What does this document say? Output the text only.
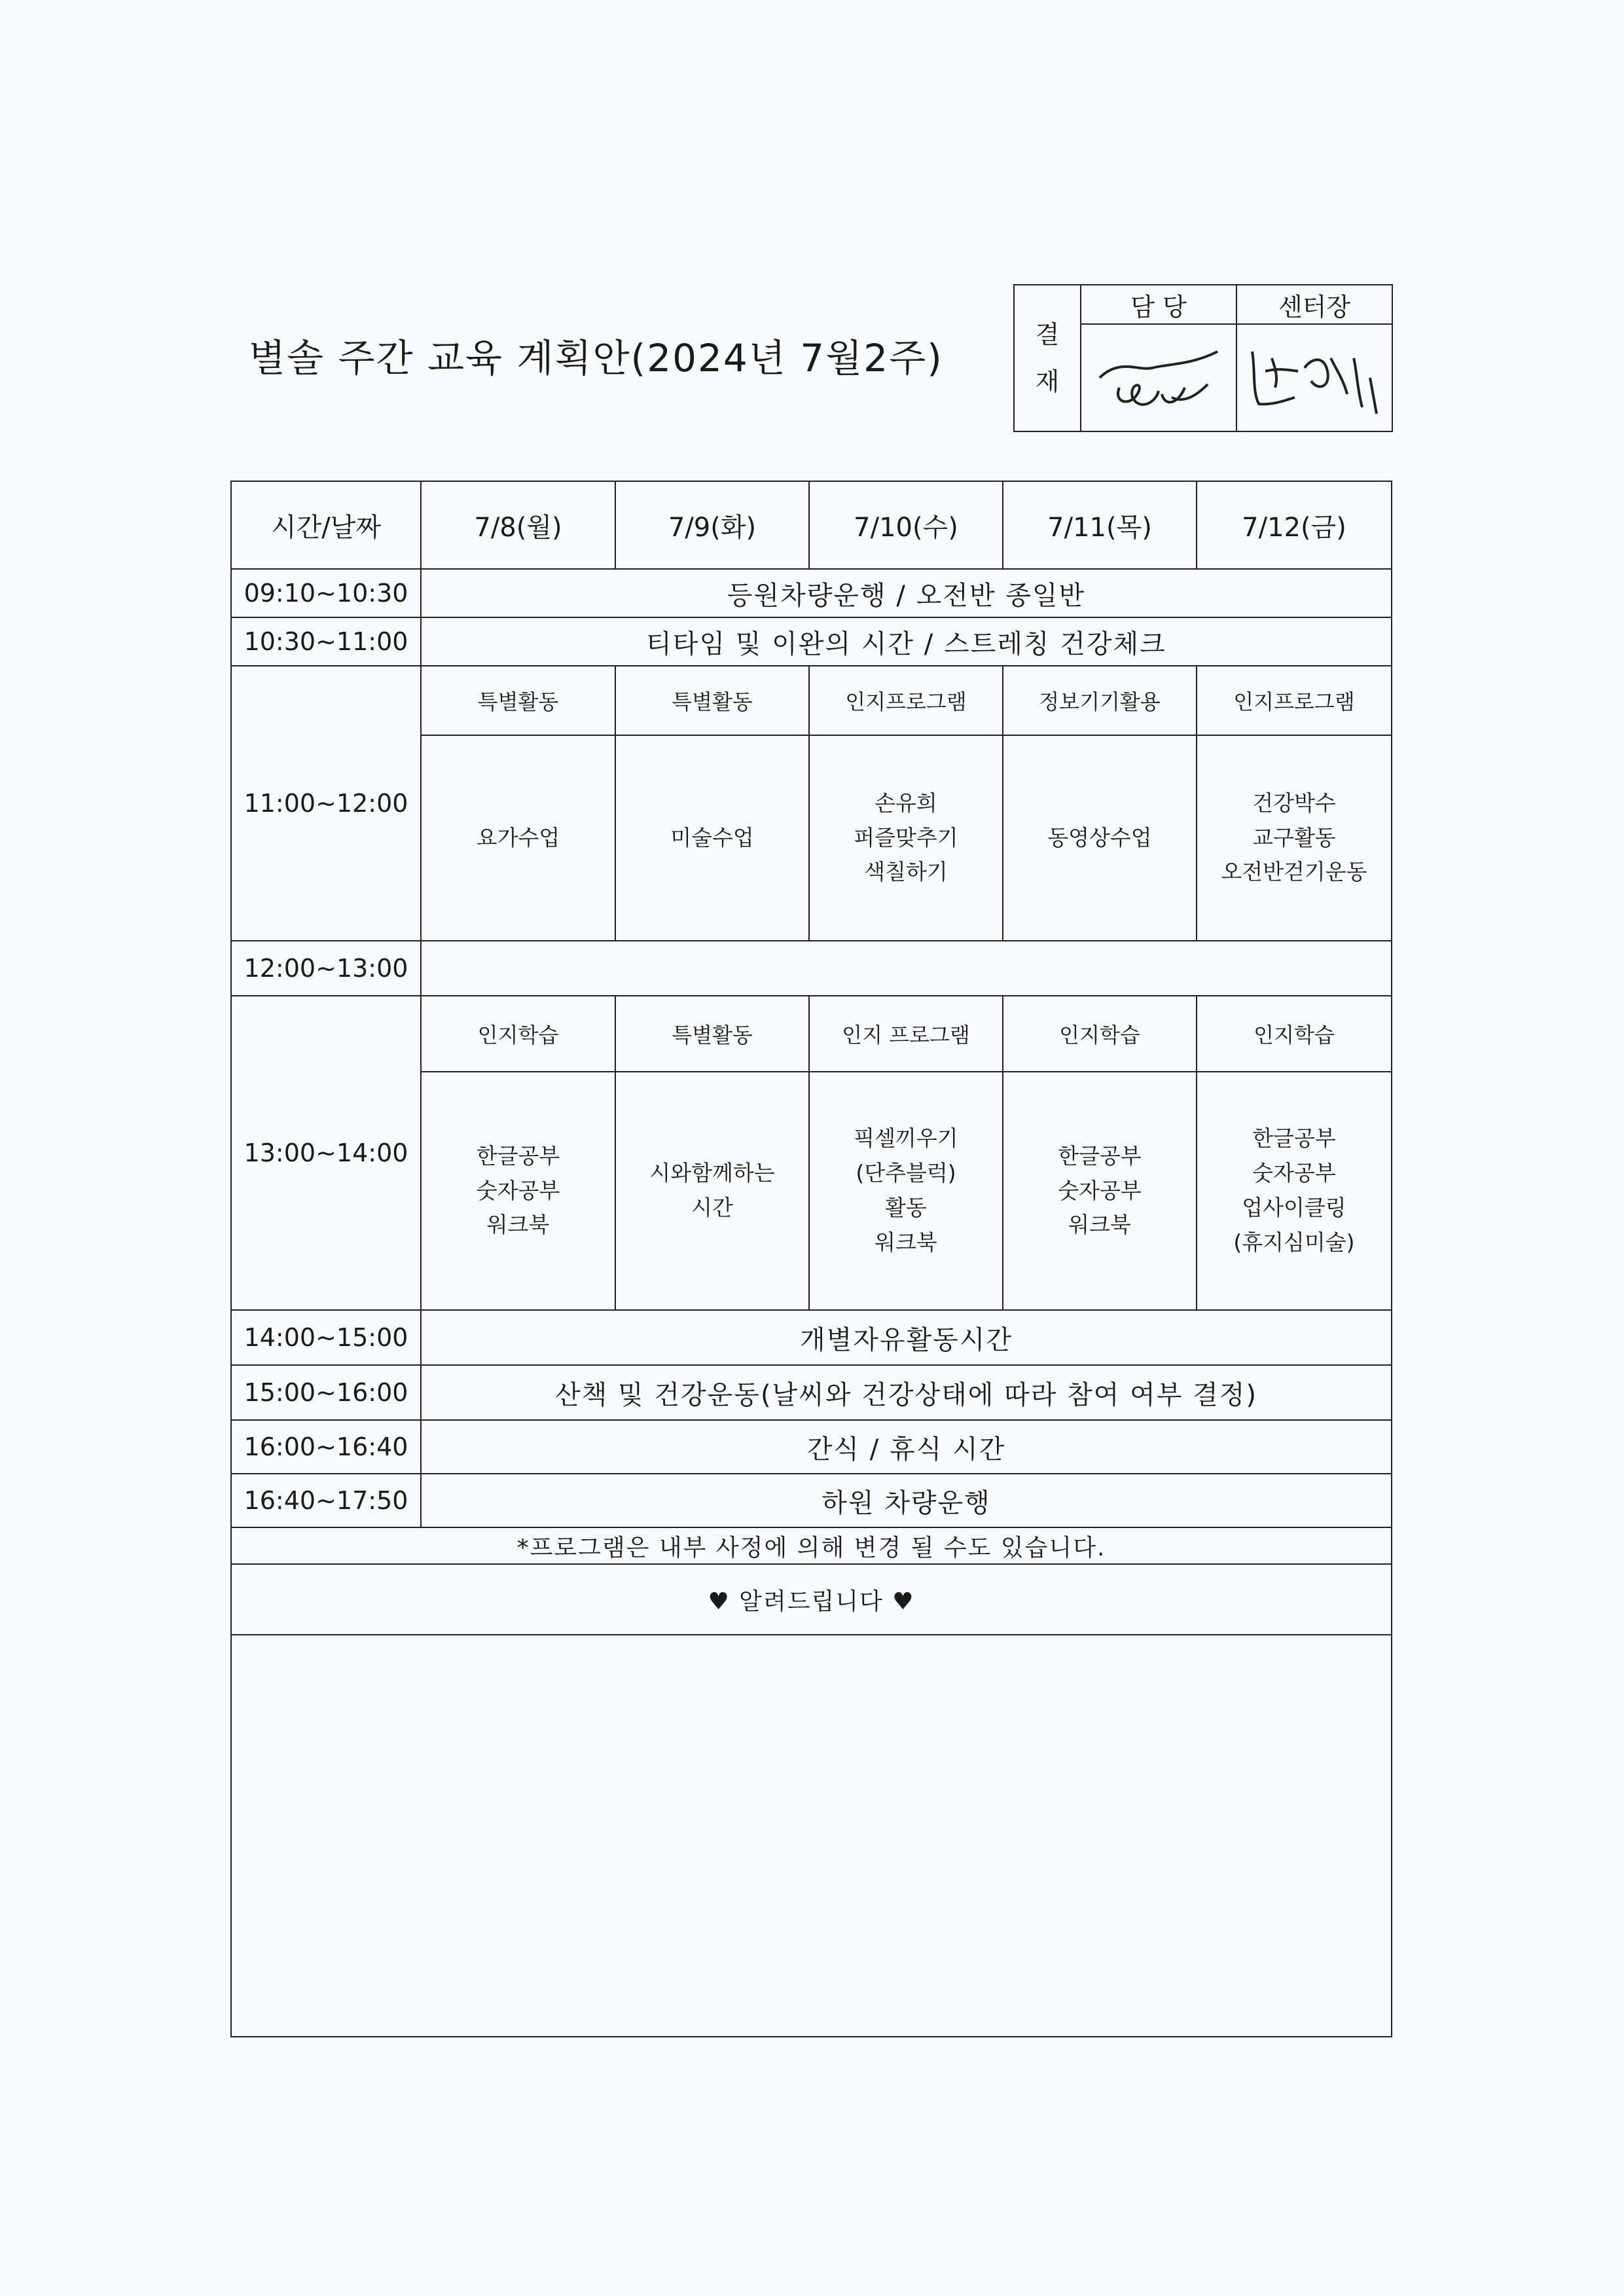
별솔 주간 교육 계획안(2024년 7월2주)
결
재	담 당	센터장

시간/날짜	7/8(월)	7/9(화)	7/10(수)	7/11(목)	7/12(금)
09:10~10:30	등원차량운행 / 오전반 종일반				
10:30~11:00	티타임 및 이완의 시간 / 스트레칭 건강체크				
11:00~12:00	특별활동	특별활동	인지프로그램	정보기기활용	인지프로그램

	요가수업	미술수업	손유희
퍼즐맞추기
색칠하기	동영상수업	건강박수
교구활동
오전반걷기운동

12:00~13:00					
13:00~14:00	인지학습	특별활동	인지 프로그램	인지학습	인지학습

	한글공부
숫자공부
워크북	시와함께하는
시간	픽셀끼우기
(단추블럭)
활동
워크북	한글공부
숫자공부
워크북	한글공부
숫자공부
업사이클링
(휴지심미술)

14:00~15:00	개별자유활동시간				
15:00~16:00	산책 및 건강운동(날씨와 건강상태에 따라 참여 여부 결정)				
16:00~16:40	간식 / 휴식 시간				
16:40~17:50	하원 차량운행				
*프로그램은 내부 사정에 의해 변경 될 수도 있습니다.					
♥ 알려드립니다 ♥					
